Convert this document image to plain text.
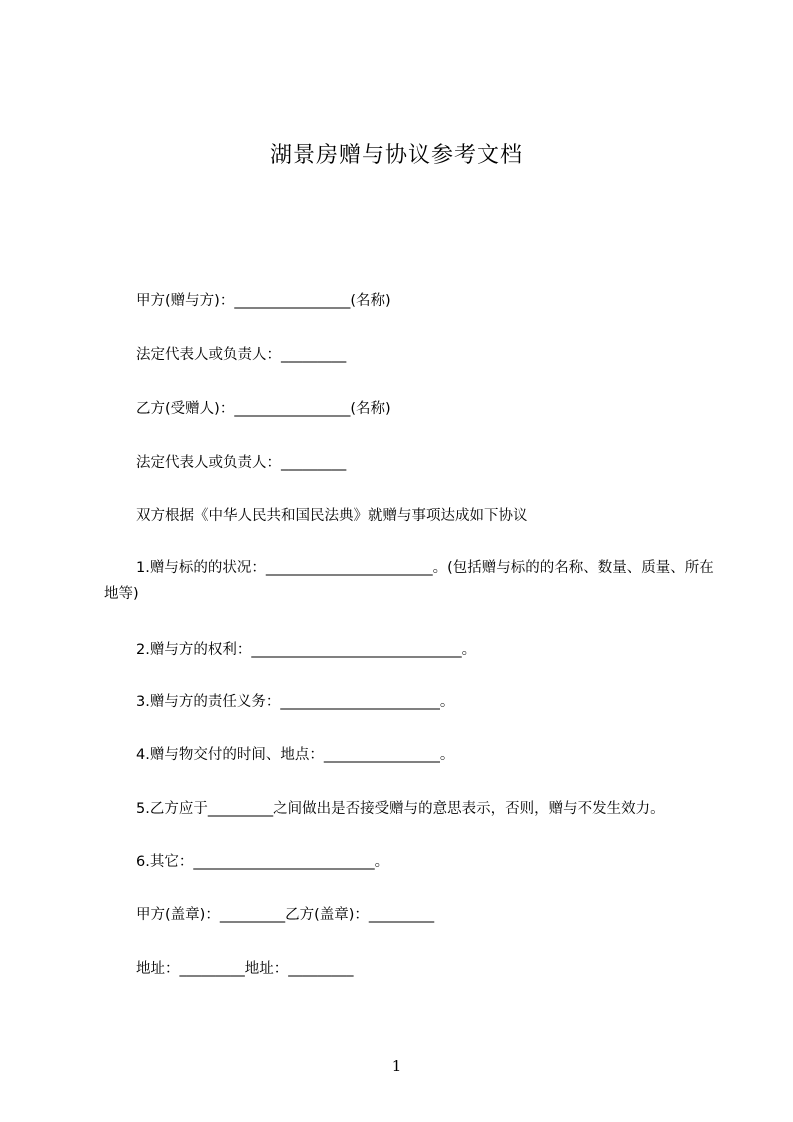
湖景房赠与协议参考文档
甲方(赠与方)：________________(名称)
法定代表人或负责人：_________
乙方(受赠人)：________________(名称)
法定代表人或负责人：_________
双方根据《中华人民共和国民法典》就赠与事项达成如下协议
1.赠与标的的状况：_______________________。(包括赠与标的的名称、数量、质量、所在地等)
2.赠与方的权利：_____________________________。
3.赠与方的责任义务：______________________。
4.赠与物交付的时间、地点：________________。
5.乙方应于_________之间做出是否接受赠与的意思表示，否则，赠与不发生效力。
6.其它：_________________________。
甲方(盖章)：_________乙方(盖章)：_________
地址：_________地址：_________
1
